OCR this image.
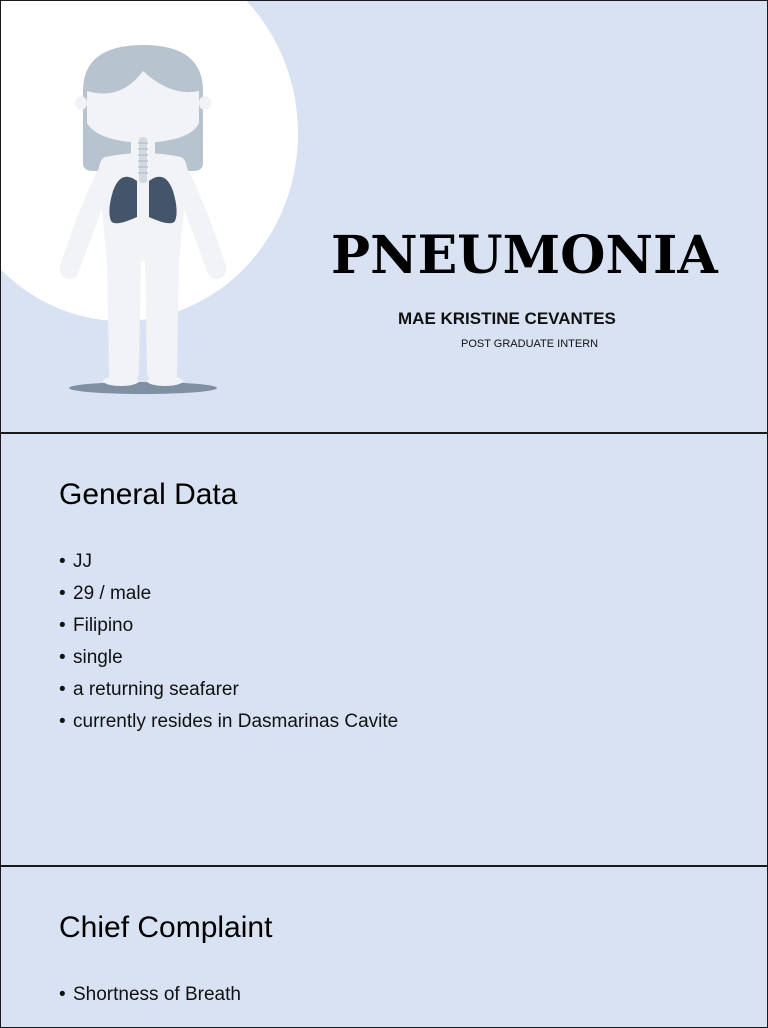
PNEUMONIA
MAE KRISTINE CEVANTES
POST GRADUATE INTERN
General Data
• JJ
• 29 / male
• Filipino
• single
• a returning seafarer
• currently resides in Dasmarinas Cavite
Chief Complaint
• Shortness of Breath
